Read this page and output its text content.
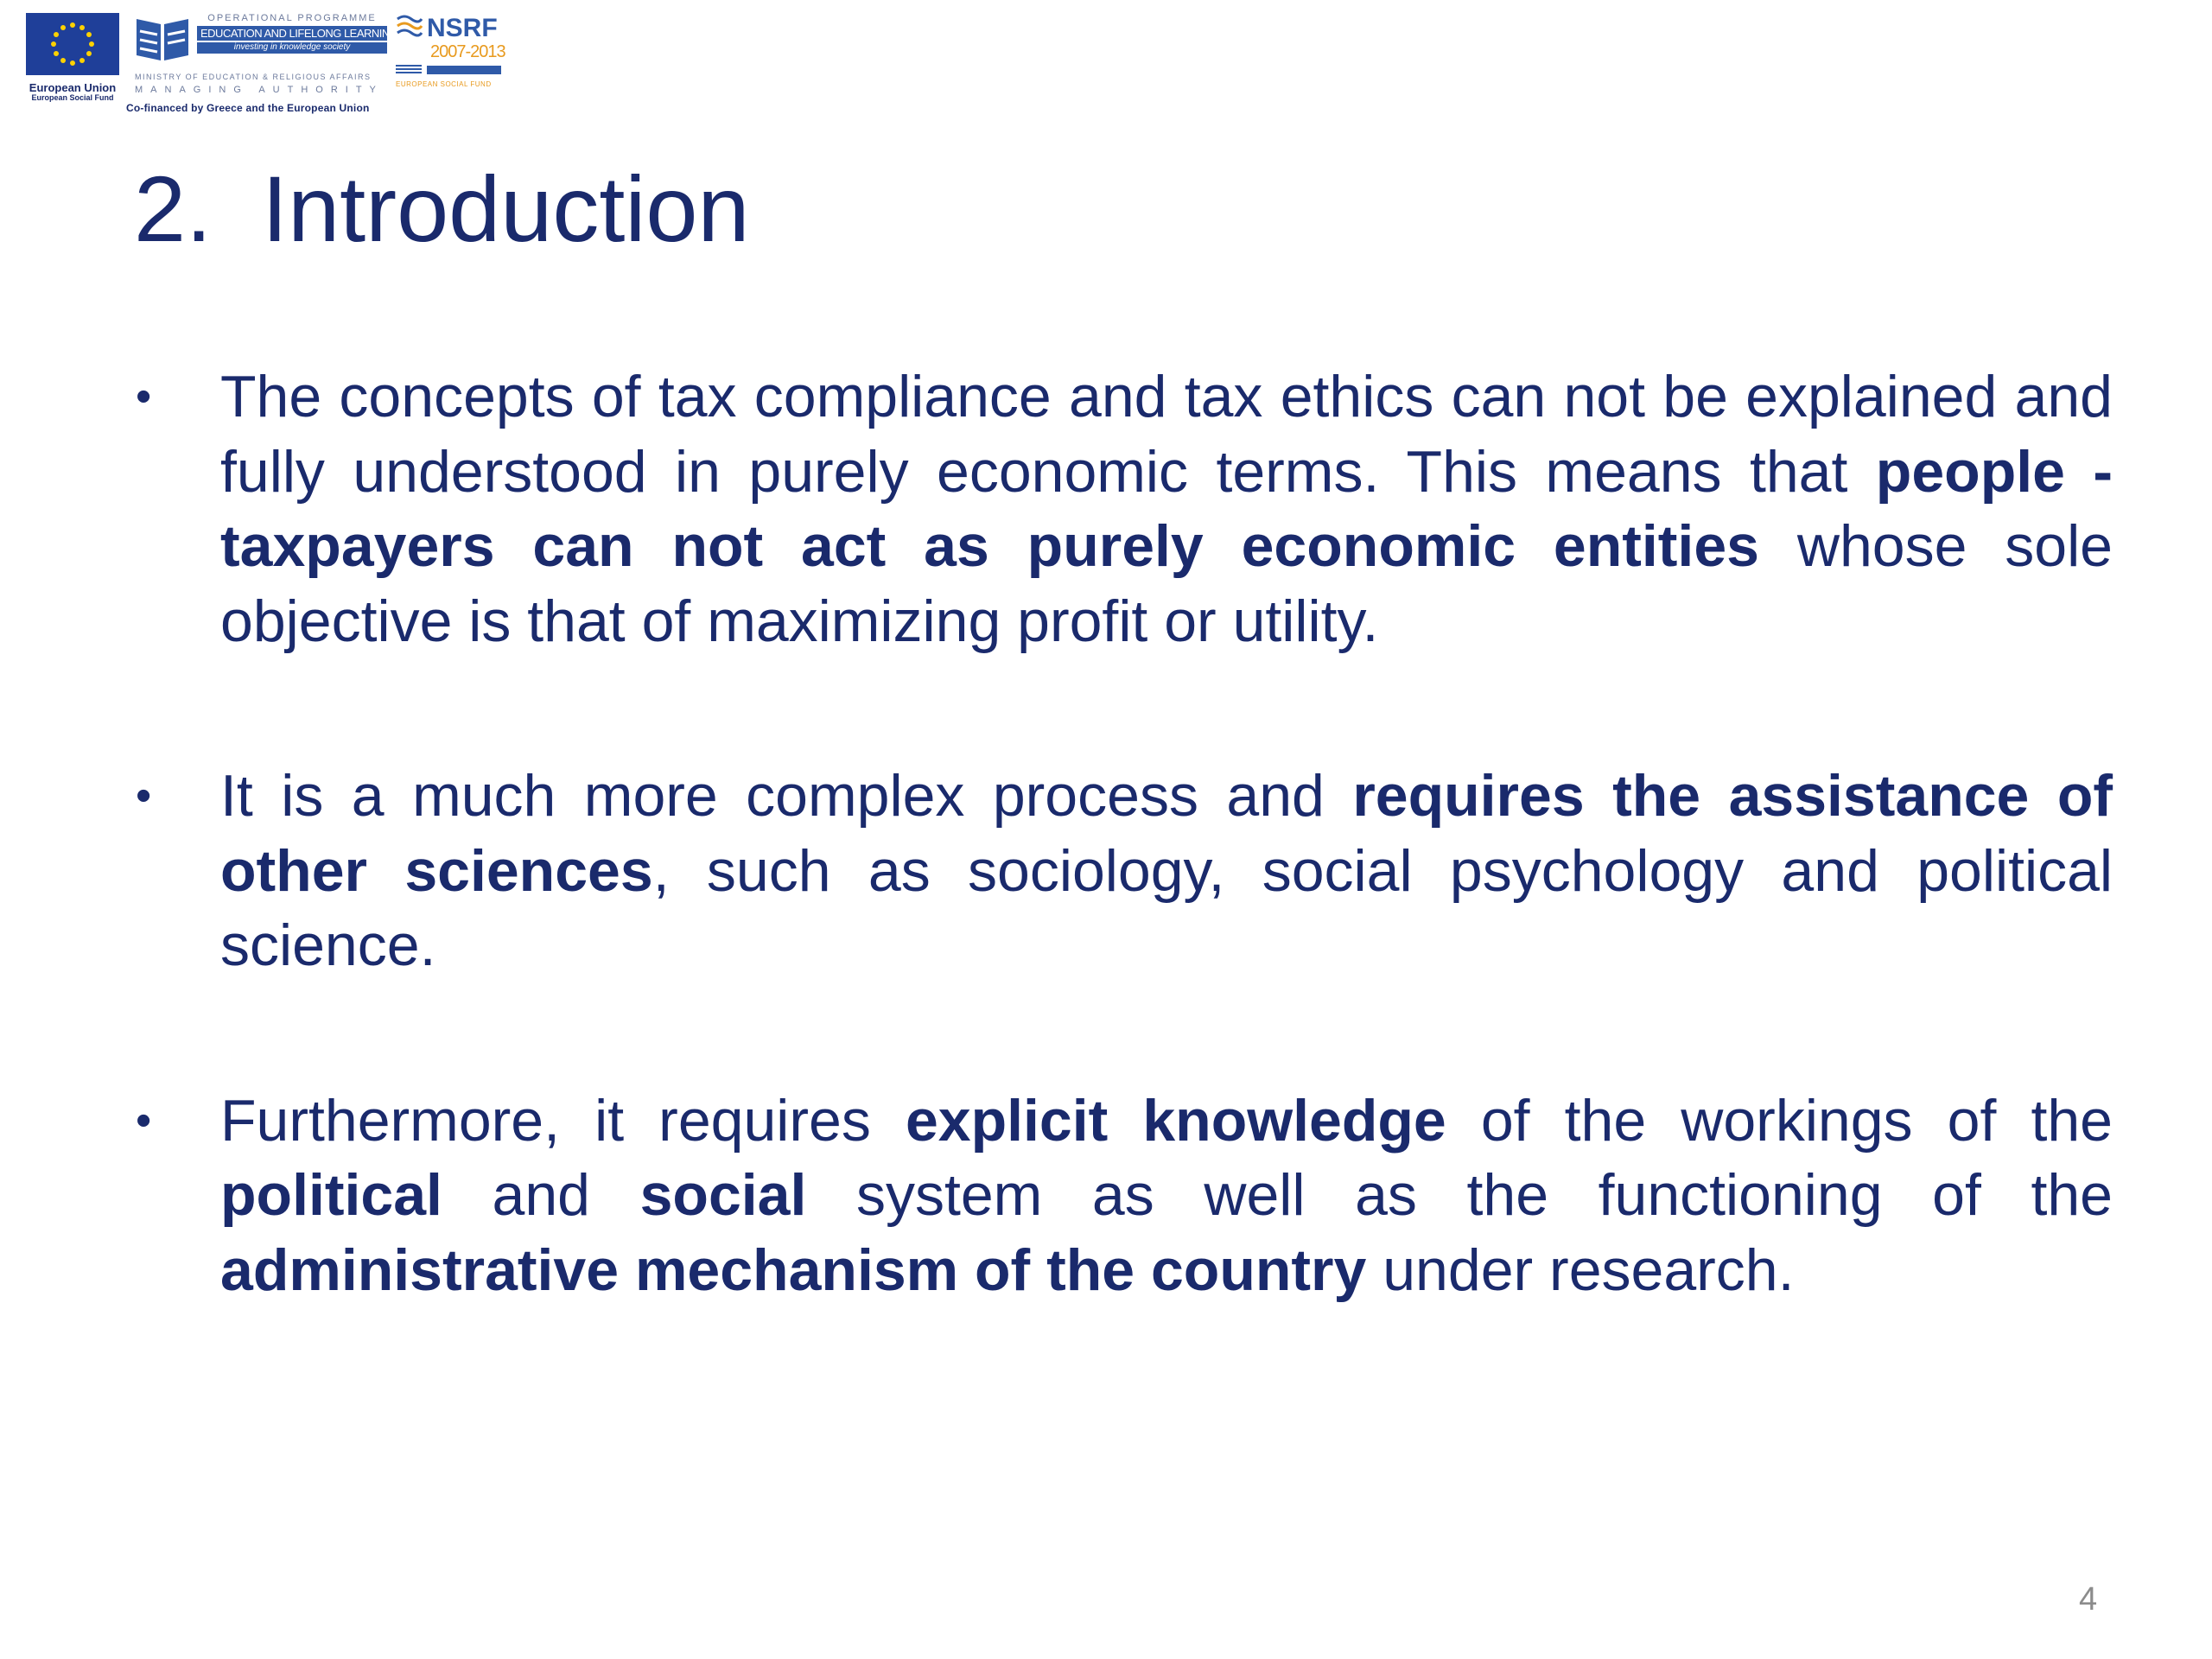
European Union
European Social Fund
OPERATIONAL PROGRAMME
EDUCATION AND LIFELONG LEARNING
investing in knowledge society
MINISTRY OF EDUCATION & RELIGIOUS AFFAIRS
MANAGING AUTHORITY
NSRF
2007-2013
EUROPEAN SOCIAL FUND
Co-financed by Greece and the European Union
2. Introduction
• The concepts of tax compliance and tax ethics can not be explained and fully understood in purely economic terms. This means that people - taxpayers can not act as purely economic entities whose sole objective is that of maximizing profit or utility.
• It is a much more complex process and requires the assistance of other sciences, such as sociology, social psychology and political science.
• Furthermore, it requires explicit knowledge of the workings of the political and social system as well as the functioning of the administrative mechanism of the country under research.
4
